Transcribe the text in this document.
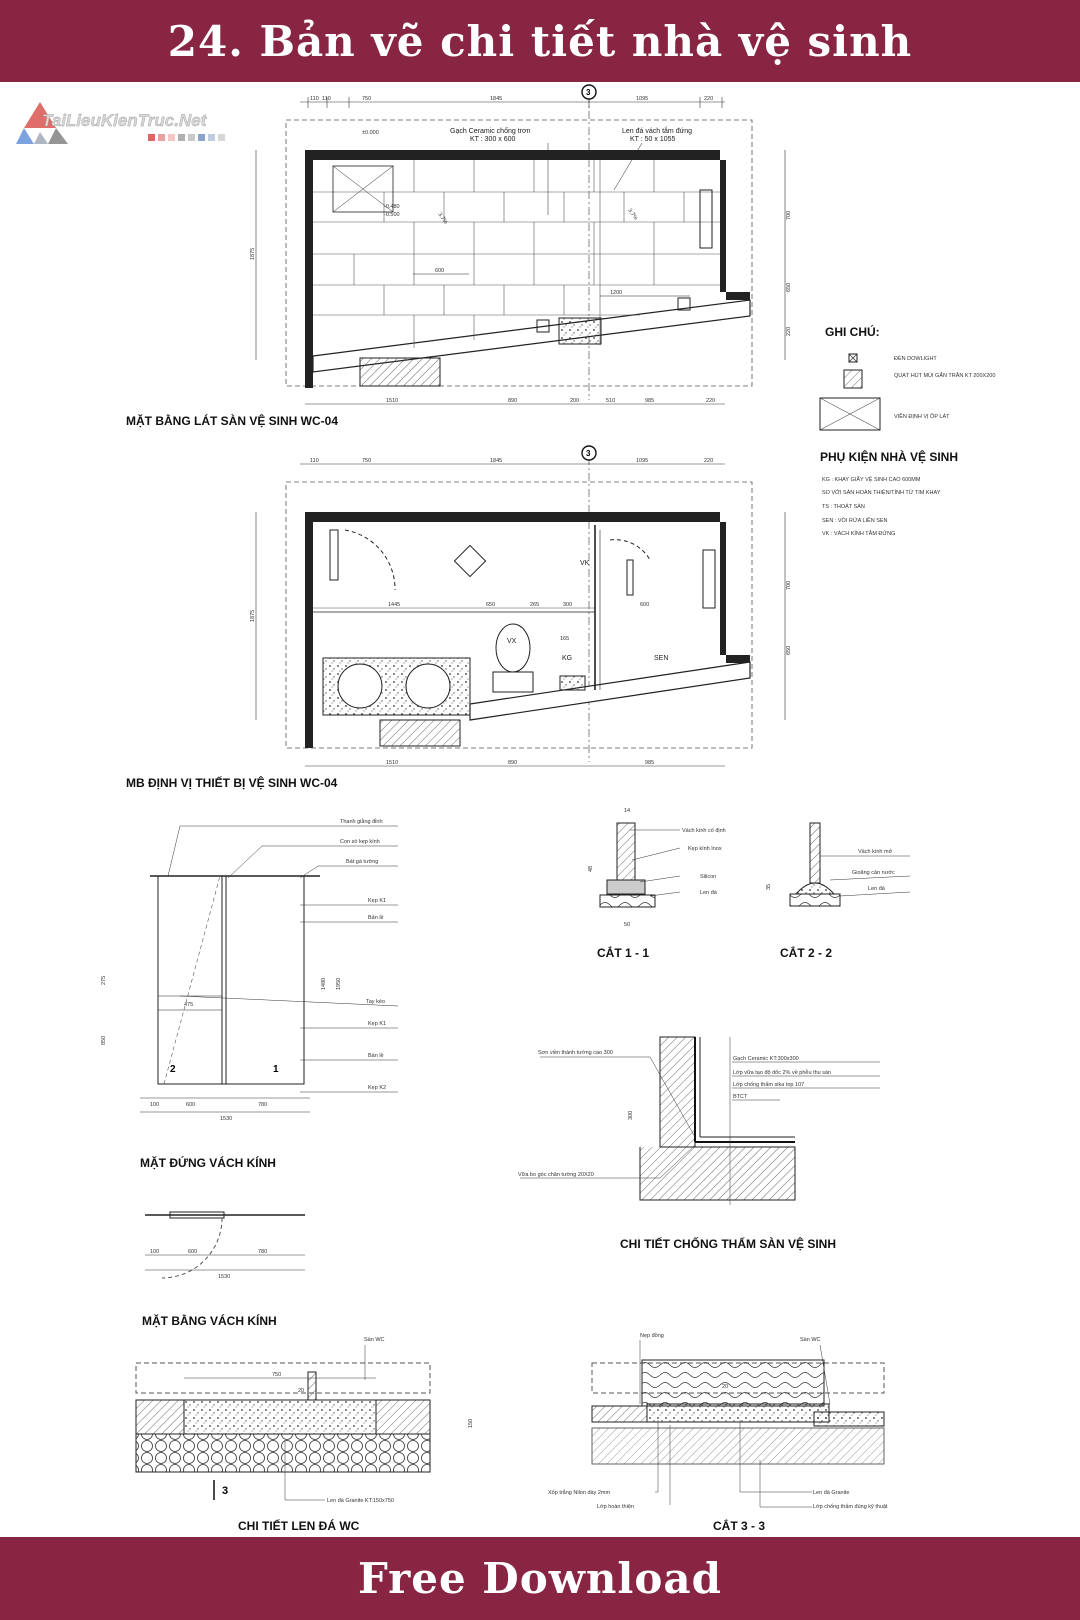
24. Bản vẽ chi tiết nhà vệ sinh
TaiLieuKienTruc.Net
110 110	750	1845	1095	220
3
Gạch Ceramic chống trơn
KT : 300 x 600
Len đá vách tắm đứng
KT : 50 x 1055
±0.000
-0.480
-0.500	3,7%	3,7%
600
1200
1875
700
650
220
1510	890	200	510	985	220
MẶT BẰNG LÁT SÀN VỆ SINH WC-04
GHI CHÚ:
ĐÈN DOWLIGHT
QUẠT HÚT MÙI GẮN TRẦN KT 200X200
VIỀN ĐỊNH VỊ ỐP LÁT
PHỤ KIỆN NHÀ VỆ SINH
KG : KHAY GIẤY VỆ SINH CAO 600MM
SO VỚI SÀN HOÀN THIỆN/TÍNH TỪ TIM KHAY
TS : THOÁT SÀN
SEN : VÒI RỬA LIỀN SEN
VK : VÁCH KÍNH TẮM ĐỨNG
110	750	1845	1095	220
3
1445	650	265	300	600
165
VK
VX
KG	SEN
1875
700
650
1510	890	985
MB ĐỊNH VỊ THIẾT BỊ VỆ SINH WC-04
100	600	780
1530
1480 1950
275
850
475
Thanh giằng đỉnh
Con sò kẹp kính
Bát gá tường
Kẹp K1
Bản lề
Tay kéo
Kẹp K1
Bản lề
Kẹp K2
2	1
MẶT ĐỨNG VÁCH KÍNH
Vách kính cố định
Kẹp kính Inox
Silicon
Len đá
14
48
50
CẮT 1 - 1
Vách kính mở
Gioăng cản nước
Len đá
35
CẮT 2 - 2
Sơn viền thành tường cao 300
Gạch Ceramic KT:300x300
Lớp vữa tạo độ dốc 2% về phễu thu sàn
Lớp chống thấm sika top 107
BTCT
Vữa bo góc chân tường 20X20
300
CHI TIẾT CHỐNG THẤM SÀN VỆ SINH
100	600	780
1530
MẶT BẰNG VÁCH KÍNH
750
20
150
Sàn WC
Len đá Granite KT:150x750
3
CHI TIẾT LEN ĐÁ WC
Nẹp đồng
Sàn WC
20
Xốp trắng Nilon dày 2mm
Lớp hoàn thiện
Len đá Granite
Lớp chống thấm đúng kỹ thuật
CẮT 3 - 3
Free Download
